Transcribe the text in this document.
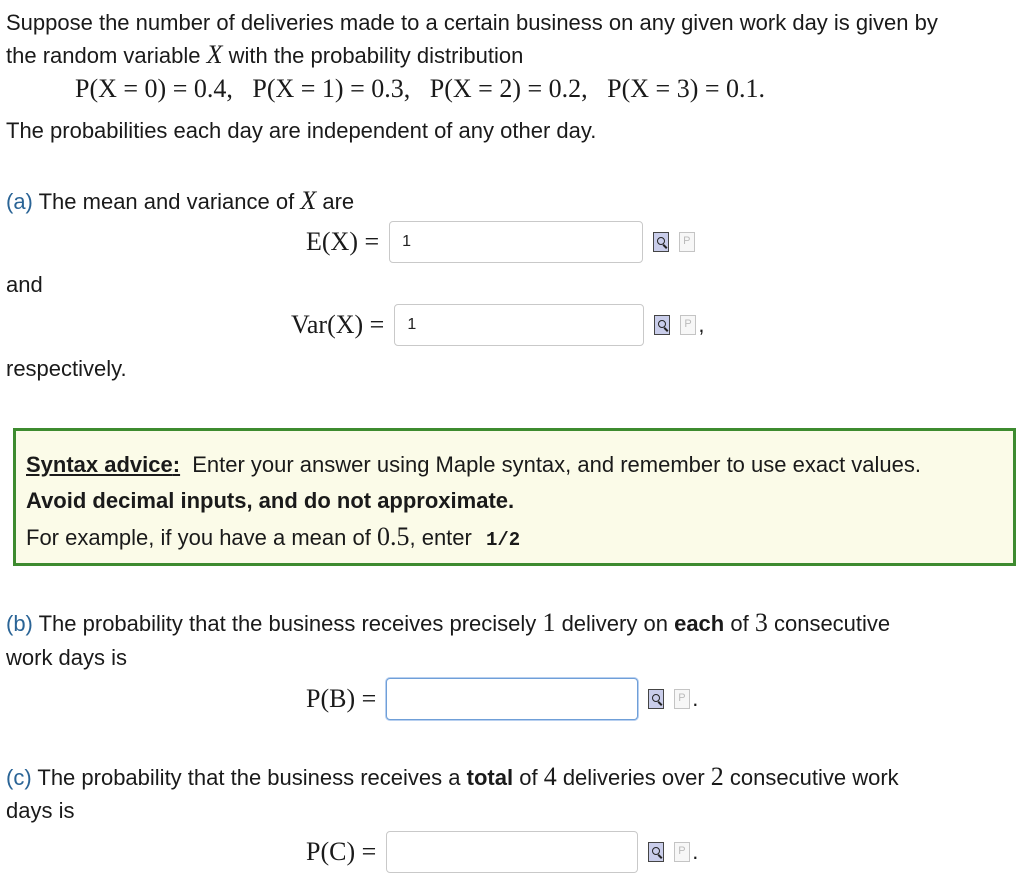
Suppose the number of deliveries made to a certain business on any given work day is given by
the random variable X with the probability distribution
P(X = 0) = 0.4,   P(X = 1) = 0.3,   P(X = 2) = 0.2,   P(X = 3) = 0.1.
The probabilities each day are independent of any other day.
(a) The mean and variance of X are
E(X) =
1
P
and
Var(X) =
1 P	,
respectively.
Syntax advice: Enter your answer using Maple syntax, and remember to use exact values.
Avoid decimal inputs, and do not approximate.
For example, if you have a mean of 0.5, enter 1/2
(b) The probability that the business receives precisely 1 delivery on each of 3 consecutive
work days is
P(B) = P	.
(c) The probability that the business receives a total of 4 deliveries over 2 consecutive work
days is
P(C) = P	.
